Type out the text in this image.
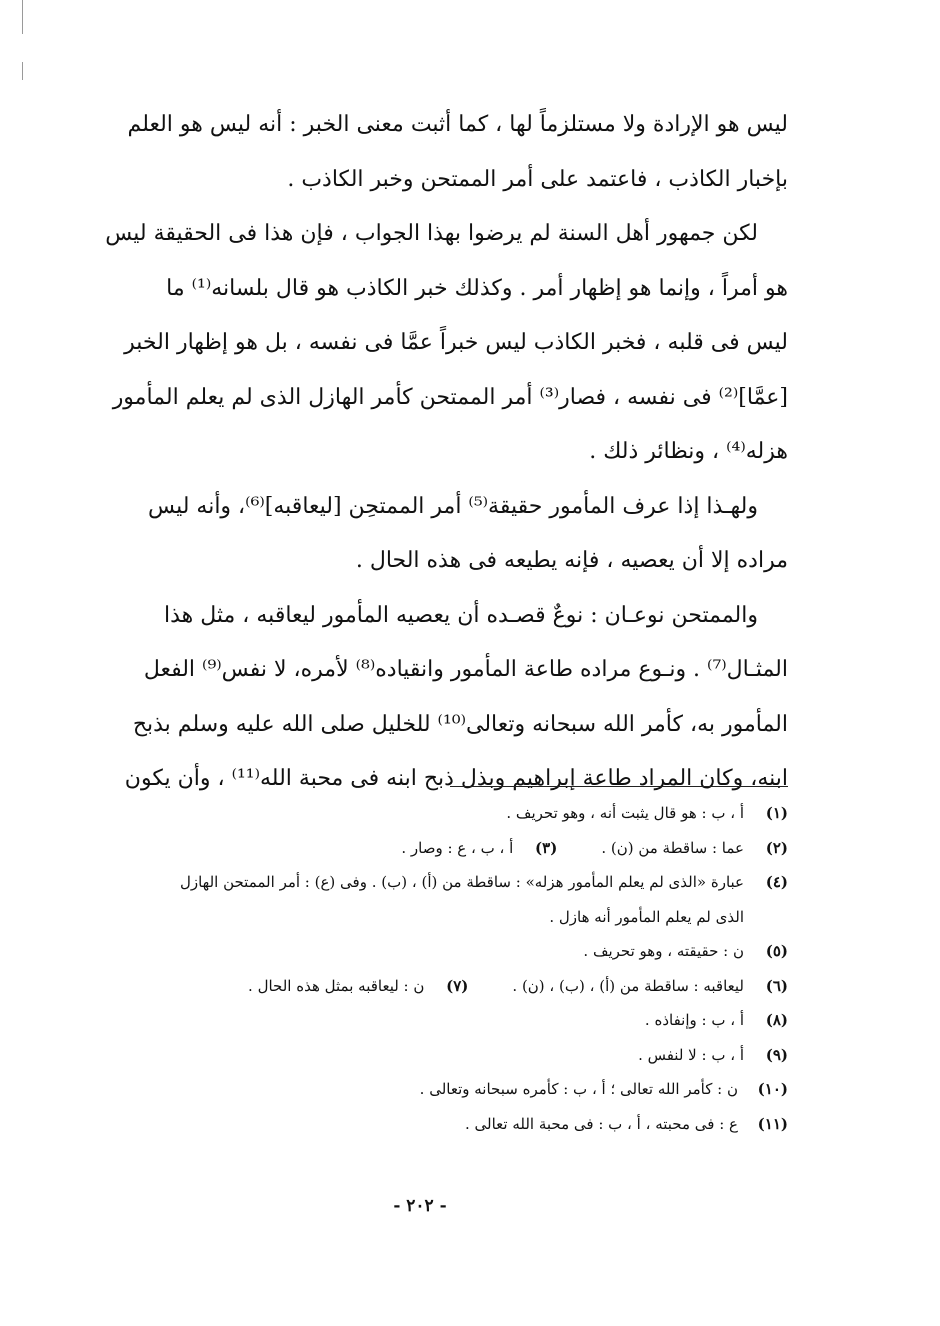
ليس هو الإرادة ولا مستلزماً لها ، كما أثبت معنى الخبر : أنه ليس هو العلم
بإخبار الكاذب ، فاعتمد على أمر الممتحن وخبر الكاذب .

لكن جمهور أهل السنة لم يرضوا بهذا الجواب ، فإن هذا فى الحقيقة ليس
هو أمراً ، وإنما هو إظهار أمر . وكذلك خبر الكاذب هو قال بلسانه⁽¹⁾ ما
ليس فى قلبه ، فخبر الكاذب ليس خبراً عمَّا فى نفسه ، بل هو إظهار الخبر
[عمَّا]⁽²⁾ فى نفسه ، فصار⁽³⁾ أمر الممتحن كأمر الهازل الذى لم يعلم المأمور
هزله⁽⁴⁾ ، ونظائر ذلك .

ولهـذا إذا عرف المأمور حقيقة⁽⁵⁾ أمر الممتحِن [ليعاقبه]⁽⁶⁾، وأنه ليس
مراده إلا أن يعصيه ، فإنه يطيعه فى هذه الحال .

والممتحن نوعـان : نوعٌ قصـده أن يعصيه المأمور ليعاقبه ، مثل هذا
المثـال⁽⁷⁾ . ونـوع مراده طاعة المأمور وانقياده⁽⁸⁾ لأمره، لا نفس⁽⁹⁾ الفعل
المأمور به، كأمر الله سبحانه وتعالى⁽¹⁰⁾ للخليل صلى الله عليه وسلم بذبح
ابنه، وكان المراد طاعة إبراهيم وبذل ذبح ابنه فى محبة الله⁽¹¹⁾ ، وأن يكون

(١)
أ ، ب : هو قال يثبت أنه ، وهو تحريف .
(٢)
عما : ساقطة من (ن) .
(٣)
أ ، ب ، ع : وصار .
(٤)
عبارة «الذى لم يعلم المأمور هزله» : ساقطة من (أ) ، (ب) . وفى (ع) : أمر الممتحن الهازل
الذى لم يعلم المأمور أنه هازل .
(٥)
ن : حقيقته ، وهو تحريف .
(٦)
ليعاقبه : ساقطة من (أ) ، (ب) ، (ن) .
(٧)
ن : ليعاقبه بمثل هذه الحال .
(٨)
أ ، ب : وإنفاذه .
(٩)
أ ، ب : لا لنفس .
(١٠)
ن : كأمر الله تعالى ؛ أ ، ب : كأمره سبحانه وتعالى .
(١١)
ع : فى محبته ، أ ، ب : فى محبة الله تعالى .
- ٢٠٢ -
